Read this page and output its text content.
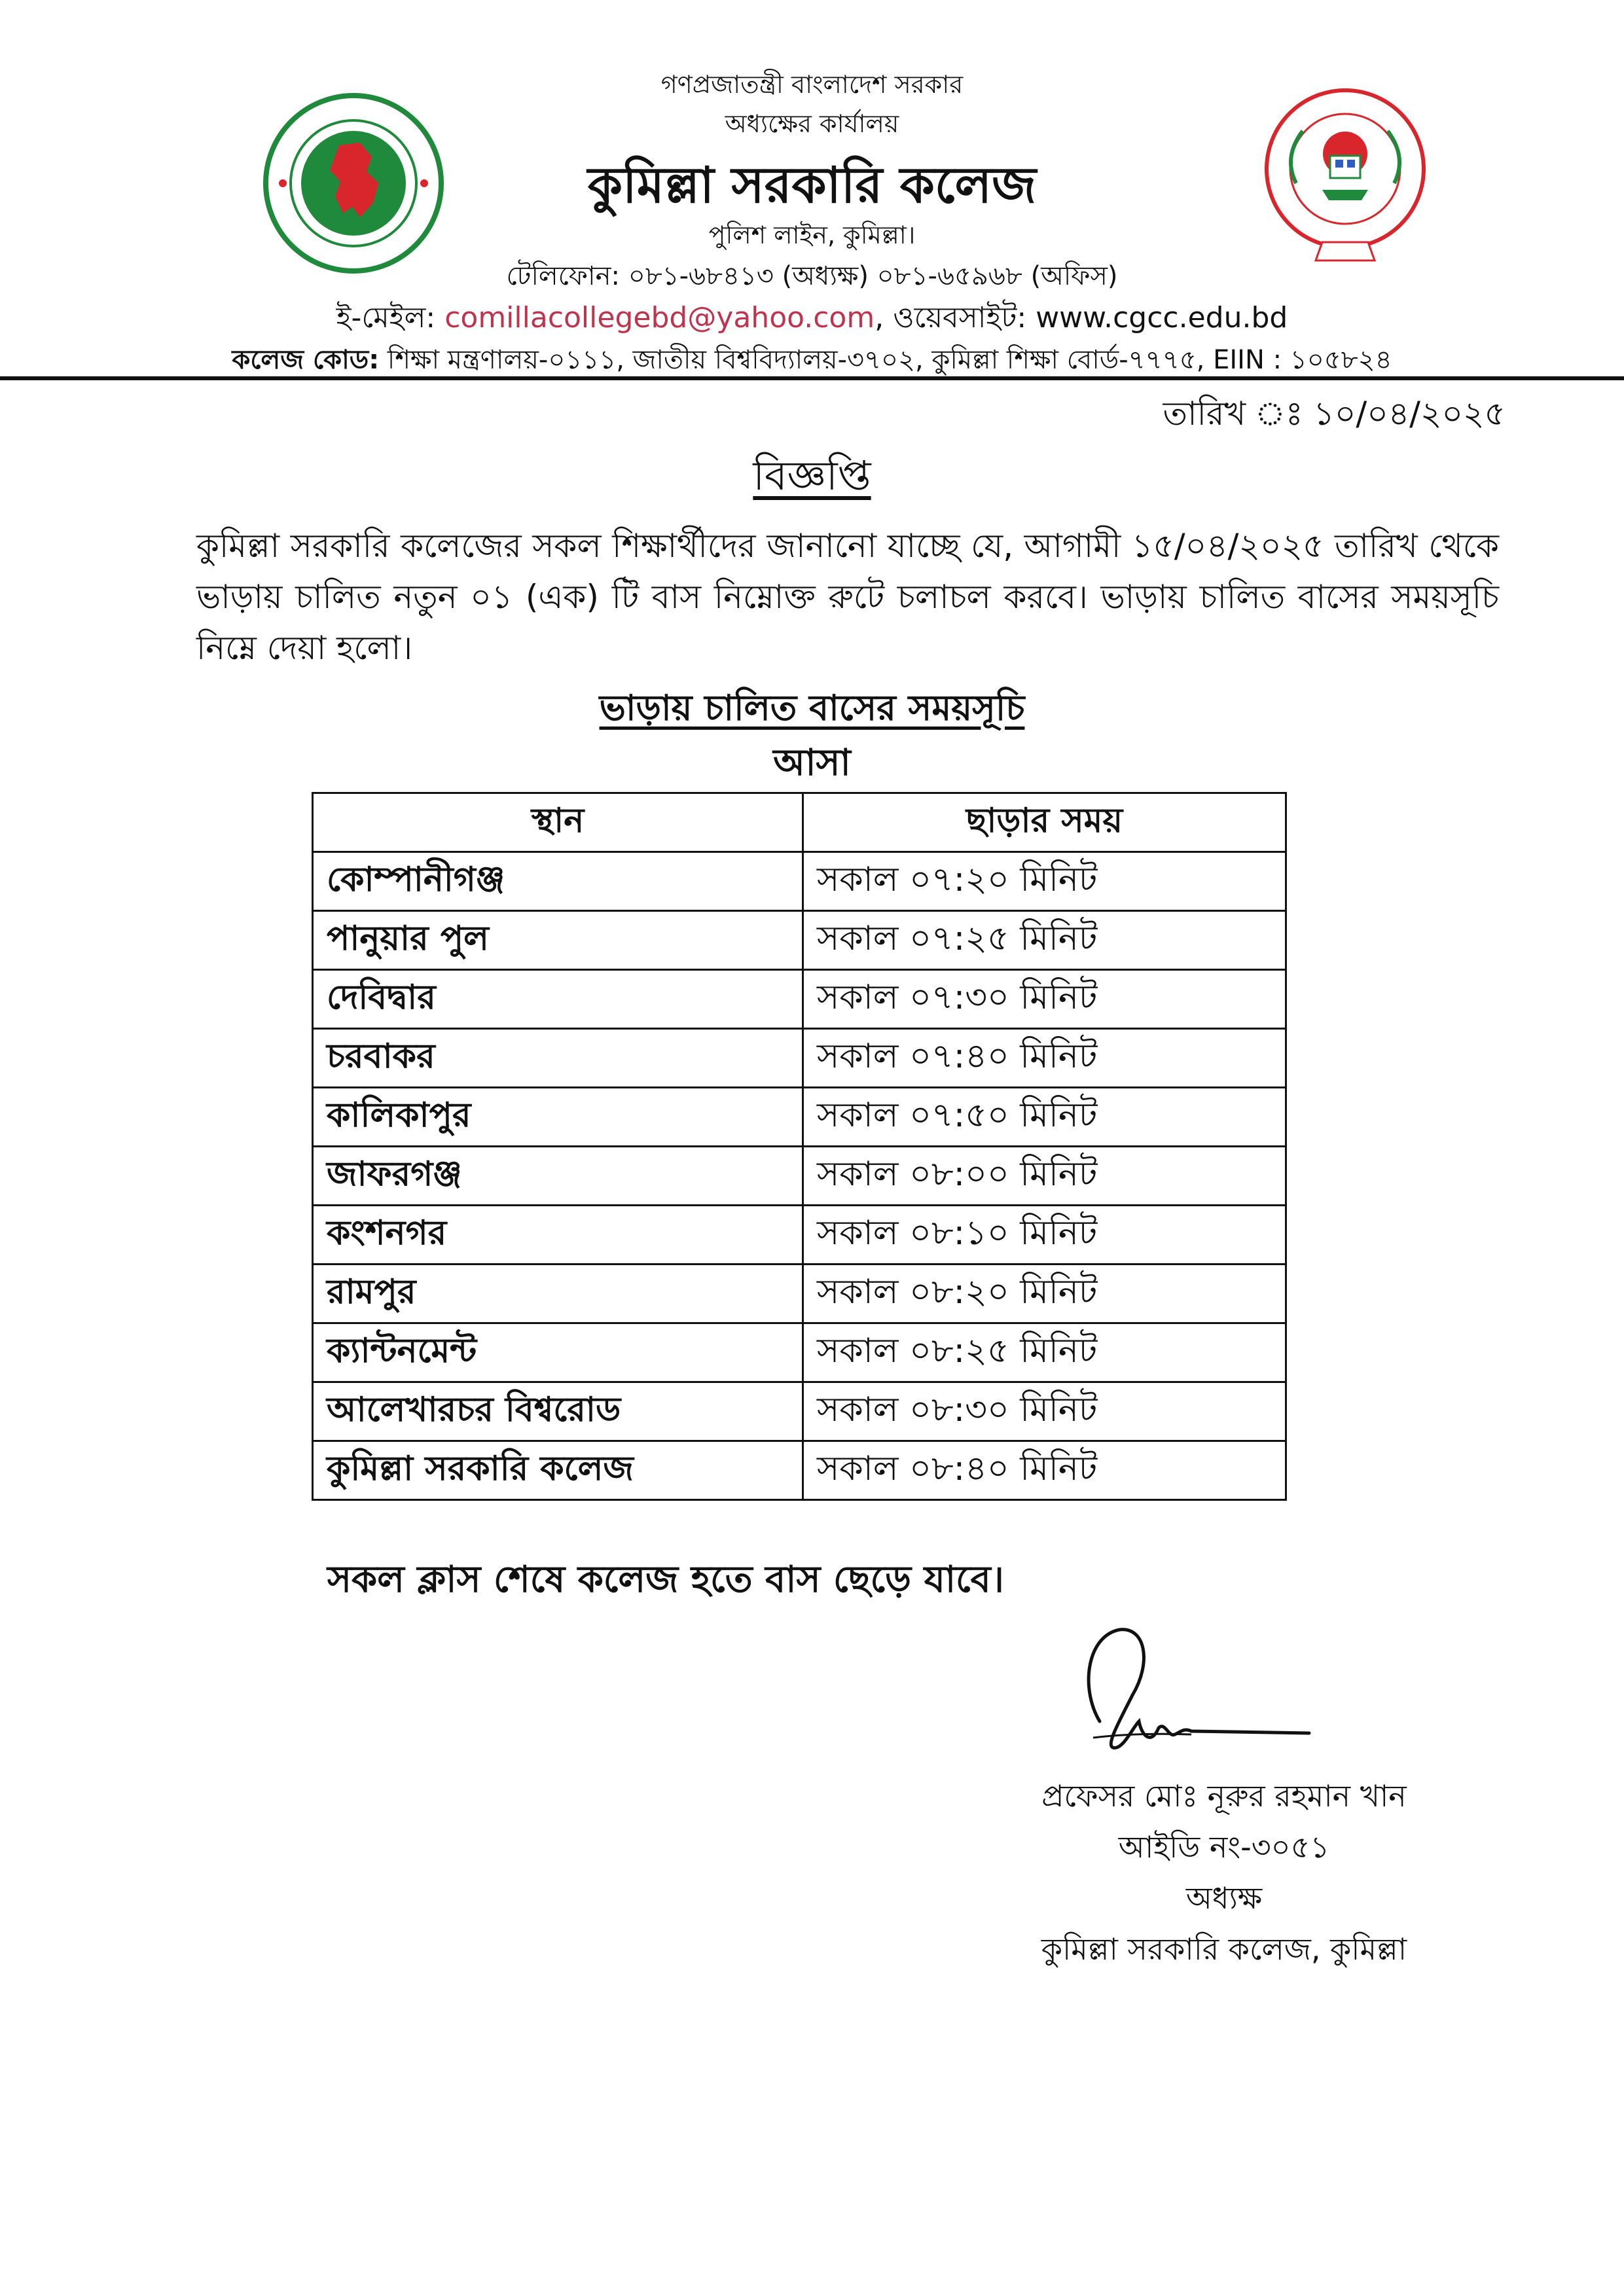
গণপ্রজাতন্ত্রী বাংলাদেশ সরকার
অধ্যক্ষের কার্যালয়
কুমিল্লা সরকারি কলেজ
পুলিশ লাইন, কুমিল্লা।
টেলিফোন: ০৮১-৬৮৪১৩ (অধ্যক্ষ) ০৮১-৬৫৯৬৮ (অফিস)
ই-মেইল: comillacollegebd@yahoo.com, ওয়েবসাইট: www.cgcc.edu.bd
কলেজ কোড: শিক্ষা মন্ত্রণালয়-০১১১, জাতীয় বিশ্ববিদ্যালয়-৩৭০২, কুমিল্লা শিক্ষা বোর্ড-৭৭৭৫, EIIN : ১০৫৮২৪
তারিখ ঃ ১০/০৪/২০২৫
বিজ্ঞপ্তি
কুমিল্লা সরকারি কলেজের সকল শিক্ষার্থীদের জানানো যাচ্ছে যে, আগামী ১৫/০৪/২০২৫ তারিখ থেকে ভাড়ায় চালিত নতুন ০১ (এক) টি বাস নিম্নোক্ত রুটে চলাচল করবে। ভাড়ায় চালিত বাসের সময়সূচি নিম্নে দেয়া হলো।
ভাড়ায় চালিত বাসের সময়সূচি
আসা
স্থান	ছাড়ার সময়
কোম্পানীগঞ্জ	সকাল ০৭:২০ মিনিট
পানুয়ার পুল	সকাল ০৭:২৫ মিনিট
দেবিদ্বার	সকাল ০৭:৩০ মিনিট
চরবাকর	সকাল ০৭:৪০ মিনিট
কালিকাপুর	সকাল ০৭:৫০ মিনিট
জাফরগঞ্জ	সকাল ০৮:০০ মিনিট
কংশনগর	সকাল ০৮:১০ মিনিট
রামপুর	সকাল ০৮:২০ মিনিট
ক্যান্টনমেন্ট	সকাল ০৮:২৫ মিনিট
আলেখারচর বিশ্বরোড	সকাল ০৮:৩০ মিনিট
কুমিল্লা সরকারি কলেজ	সকাল ০৮:৪০ মিনিট
সকল ক্লাস শেষে কলেজ হতে বাস ছেড়ে যাবে।
প্রফেসর মোঃ নূরুর রহমান খান
আইডি নং-৩০৫১
অধ্যক্ষ
কুমিল্লা সরকারি কলেজ, কুমিল্লা
